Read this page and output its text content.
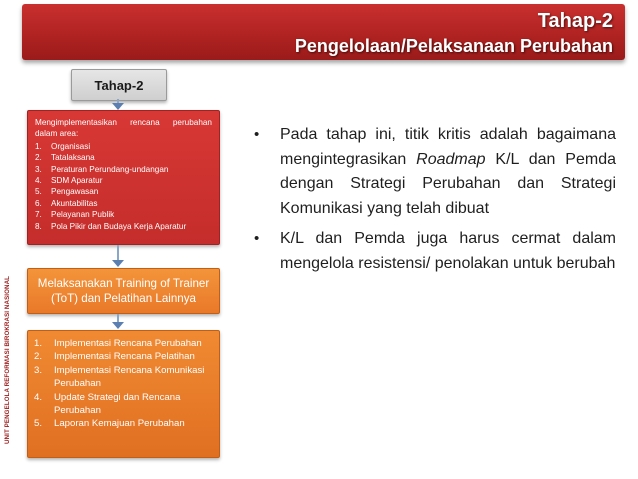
Tahap-2
Pengelolaan/Pelaksanaan Perubahan
UNIT PENGELOLA REFORMASI BIROKRASI NASIONAL
Tahap-2
Mengimplementasikan rencana perubahan dalam area:
1.	Organisasi
2.	Tatalaksana
3.	Peraturan Perundang-undangan
4.	SDM Aparatur
5.	Pengawasan
6.	Akuntabilitas
7.	Pelayanan Publik
8.	Pola Pikir dan Budaya Kerja Aparatur
Melaksanakan Training of Trainer (ToT) dan Pelatihan Lainnya
1.	Implementasi Rencana Perubahan
2.	Implementasi Rencana Pelatihan
3.	Implementasi Rencana Komunikasi Perubahan
4.	Update Strategi dan Rencana Perubahan
5.	Laporan Kemajuan Perubahan
•	Pada tahap ini, titik kritis adalah bagaimana mengintegrasikan Roadmap K/L dan Pemda dengan Strategi Perubahan dan Strategi Komunikasi yang telah dibuat
•	K/L dan Pemda juga harus cermat dalam mengelola resistensi/ penolakan untuk berubah
